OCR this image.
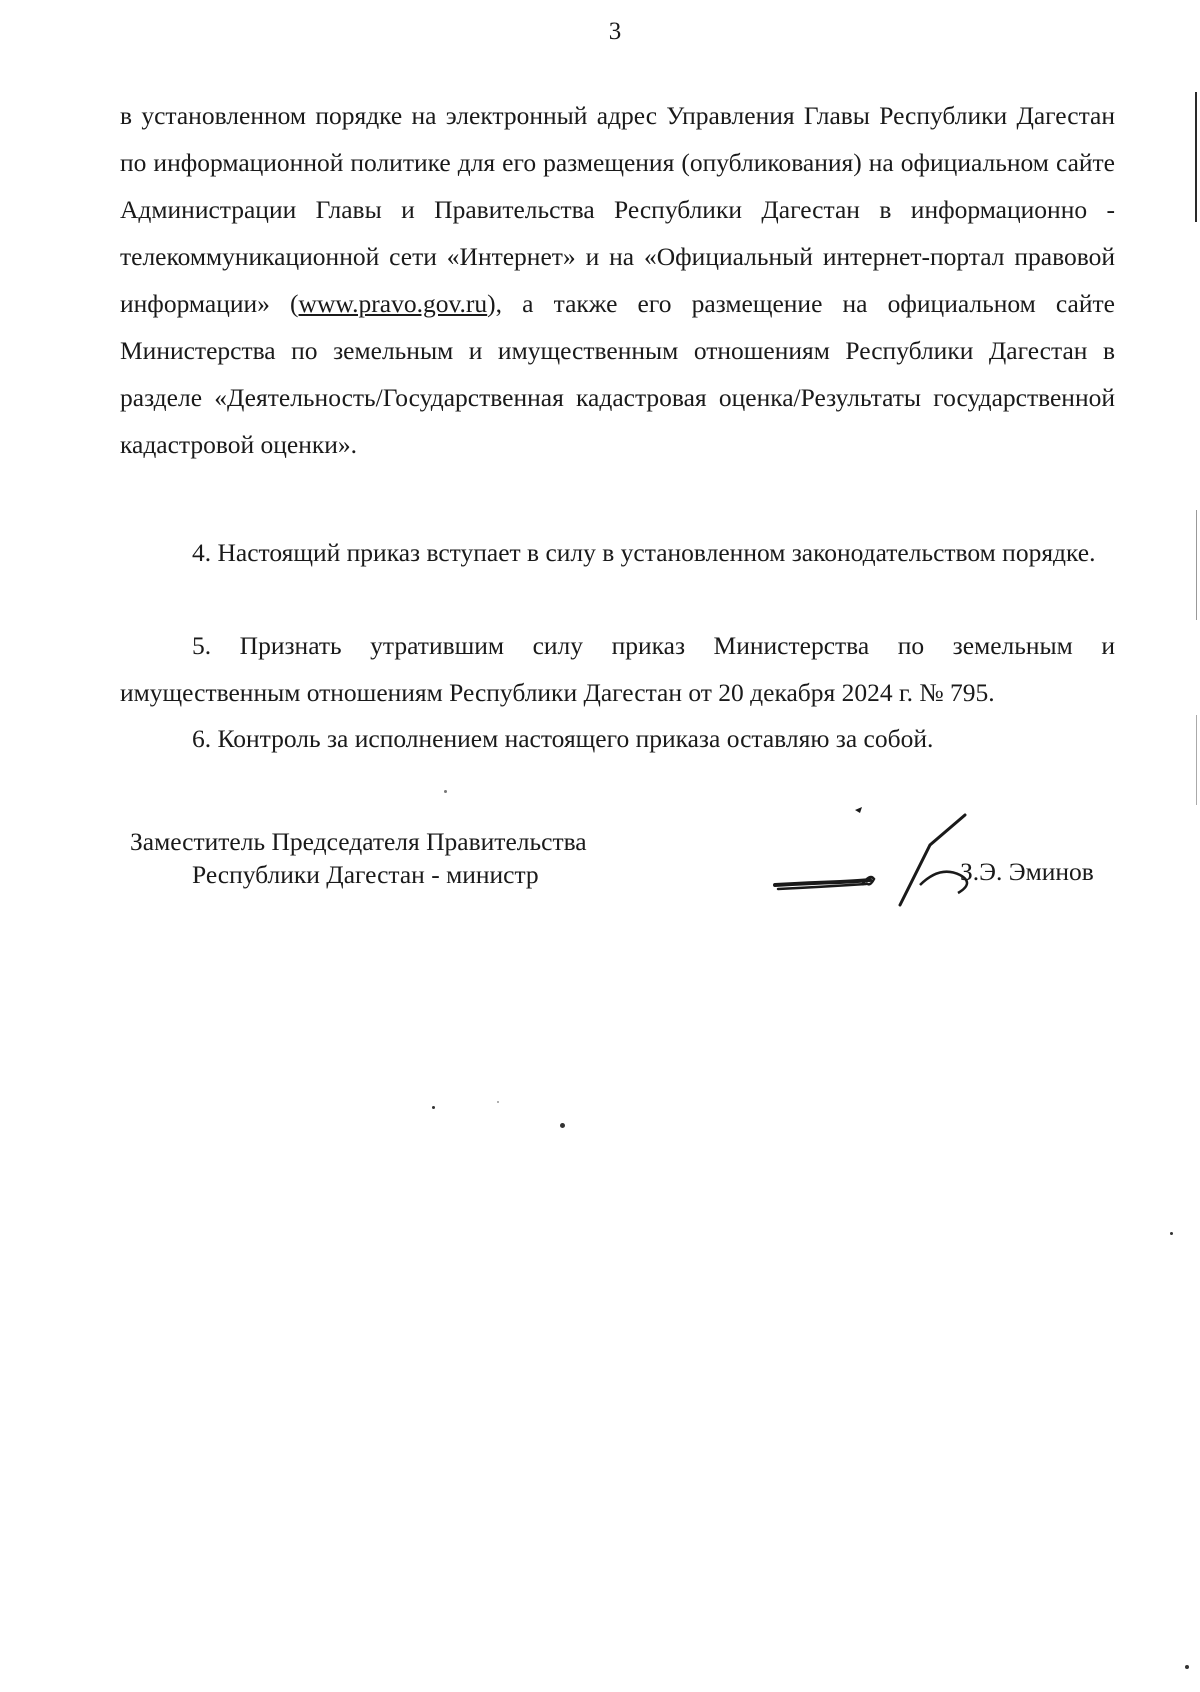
3

в установленном порядке на электронный адрес Управления Главы Республики Дагестан по информационной политике для его размещения (опубликования) на официальном сайте Администрации Главы и Правительства Республики Дагестан в информационно - телекоммуникационной сети «Интернет» и на «Официальный интернет-портал правовой информации» (www.pravo.gov.ru), а также его размещение на официальном сайте Министерства по земельным и имущественным отношениям Республики Дагестан в разделе «Деятельность/Государственная кадастровая оценка/Результаты государственной кадастровой оценки».

4. Настоящий приказ вступает в силу в установленном законодательством порядке.

5. Признать утратившим силу приказ Министерства по земельным и имущественным отношениям Республики Дагестан от 20 декабря 2024 г. № 795.

6. Контроль за исполнением настоящего приказа оставляю за собой.

Заместитель Председателя Правительства
Республики Дагестан - министр	З.Э. Эминов
